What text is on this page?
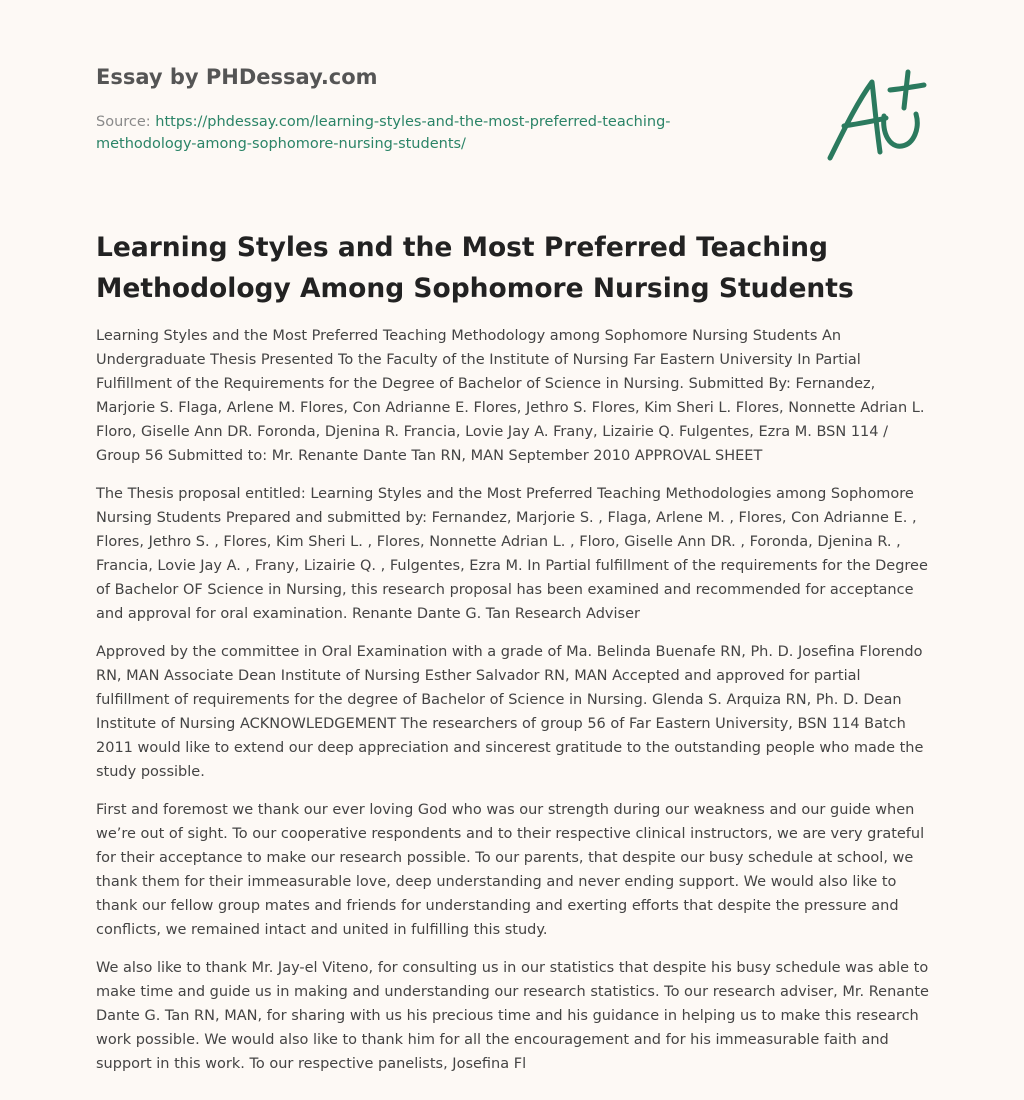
Essay by PHDessay.com
Source: https://phdessay.com/learning-styles-and-the-most-preferred-teaching-methodology-among-sophomore-nursing-students/
Learning Styles and the Most Preferred Teaching Methodology Among Sophomore Nursing Students

Learning Styles and the Most Preferred Teaching Methodology among Sophomore Nursing Students An Undergraduate Thesis Presented To the Faculty of the Institute of Nursing Far Eastern University In Partial Fulfillment of the Requirements for the Degree of Bachelor of Science in Nursing. Submitted By: Fernandez, Marjorie S. Flaga, Arlene M. Flores, Con Adrianne E. Flores, Jethro S. Flores, Kim Sheri L. Flores, Nonnette Adrian L. Floro, Giselle Ann DR. Foronda, Djenina R. Francia, Lovie Jay A. Frany, Lizairie Q. Fulgentes, Ezra M. BSN 114 / Group 56 Submitted to: Mr. Renante Dante Tan RN, MAN September 2010 APPROVAL SHEET

The Thesis proposal entitled: Learning Styles and the Most Preferred Teaching Methodologies among Sophomore Nursing Students Prepared and submitted by: Fernandez, Marjorie S. , Flaga, Arlene M. , Flores, Con Adrianne E. , Flores, Jethro S. , Flores, Kim Sheri L. , Flores, Nonnette Adrian L. , Floro, Giselle Ann DR. , Foronda, Djenina R. , Francia, Lovie Jay A. , Frany, Lizairie Q. , Fulgentes, Ezra M. In Partial fulfillment of the requirements for the Degree of Bachelor OF Science in Nursing, this research proposal has been examined and recommended for acceptance and approval for oral examination. Renante Dante G. Tan Research Adviser

Approved by the committee in Oral Examination with a grade of Ma. Belinda Buenafe RN, Ph. D. Josefina Florendo RN, MAN Associate Dean Institute of Nursing Esther Salvador RN, MAN Accepted and approved for partial fulfillment of requirements for the degree of Bachelor of Science in Nursing. Glenda S. Arquiza RN, Ph. D. Dean Institute of Nursing ACKNOWLEDGEMENT The researchers of group 56 of Far Eastern University, BSN 114 Batch 2011 would like to extend our deep appreciation and sincerest gratitude to the outstanding people who made the study possible.

First and foremost we thank our ever loving God who was our strength during our weakness and our guide when we’re out of sight. To our cooperative respondents and to their respective clinical instructors, we are very grateful for their acceptance to make our research possible. To our parents, that despite our busy schedule at school, we thank them for their immeasurable love, deep understanding and never ending support. We would also like to thank our fellow group mates and friends for understanding and exerting efforts that despite the pressure and conflicts, we remained intact and united in fulfilling this study.

We also like to thank Mr. Jay-el Viteno, for consulting us in our statistics that despite his busy schedule was able to make time and guide us in making and understanding our research statistics. To our research adviser, Mr. Renante Dante G. Tan RN, MAN, for sharing with us his precious time and his guidance in helping us to make this research work possible. We would also like to thank him for all the encouragement and for his immeasurable faith and support in this work. To our respective panelists, Josefina Fl
